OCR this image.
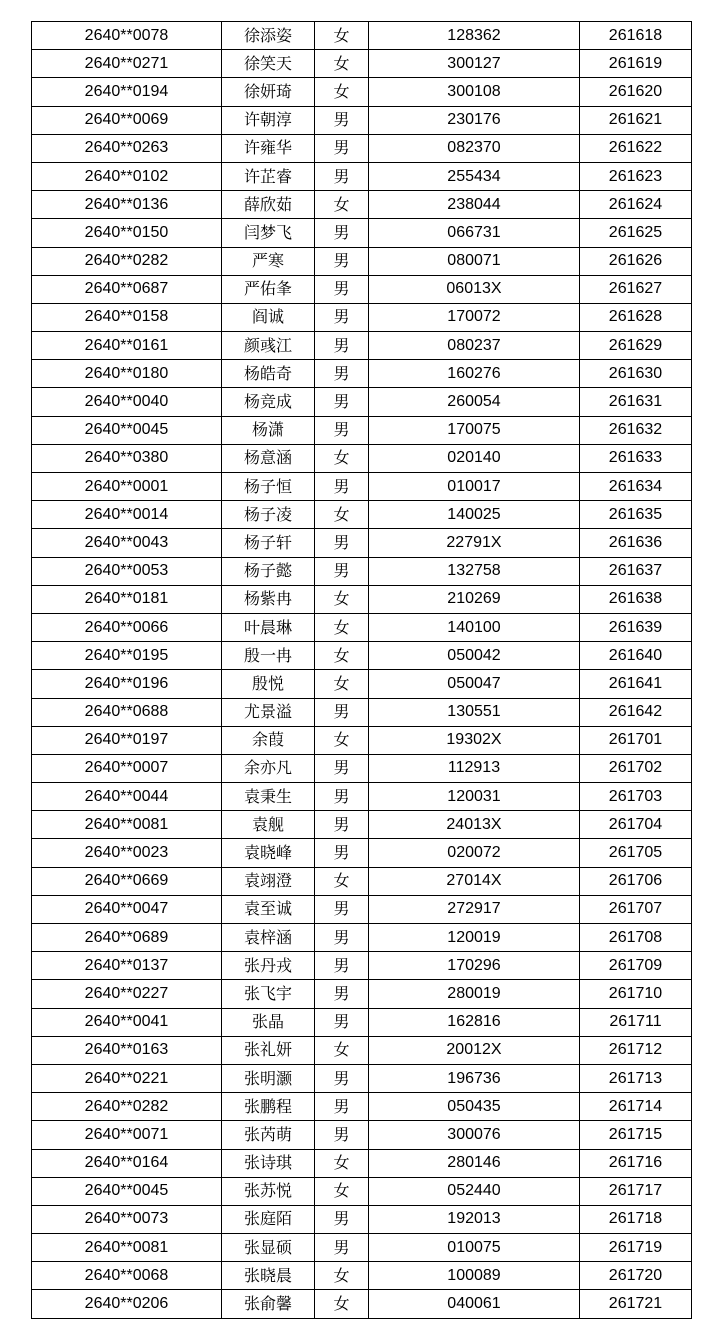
2640**0078	徐添姿	女	128362	261618
2640**0271	徐笑天	女	300127	261619
2640**0194	徐妍琦	女	300108	261620
2640**0069	许朝淳	男	230176	261621
2640**0263	许雍华	男	082370	261622
2640**0102	许芷睿	男	255434	261623
2640**0136	薛欣茹	女	238044	261624
2640**0150	闫梦飞	男	066731	261625
2640**0282	严寒	男	080071	261626
2640**0687	严佑夆	男	06013X	261627
2640**0158	阎诚	男	170072	261628
2640**0161	颜彧江	男	080237	261629
2640**0180	杨皓奇	男	160276	261630
2640**0040	杨竞成	男	260054	261631
2640**0045	杨潇	男	170075	261632
2640**0380	杨意涵	女	020140	261633
2640**0001	杨子恒	男	010017	261634
2640**0014	杨子凌	女	140025	261635
2640**0043	杨子轩	男	22791X	261636
2640**0053	杨子懿	男	132758	261637
2640**0181	杨紫冉	女	210269	261638
2640**0066	叶晨琳	女	140100	261639
2640**0195	殷一冉	女	050042	261640
2640**0196	殷悦	女	050047	261641
2640**0688	尤景溢	男	130551	261642
2640**0197	余葭	女	19302X	261701
2640**0007	余亦凡	男	112913	261702
2640**0044	袁秉生	男	120031	261703
2640**0081	袁舰	男	24013X	261704
2640**0023	袁晓峰	男	020072	261705
2640**0669	袁翊澄	女	27014X	261706
2640**0047	袁至诚	男	272917	261707
2640**0689	袁梓涵	男	120019	261708
2640**0137	张丹戎	男	170296	261709
2640**0227	张飞宇	男	280019	261710
2640**0041	张晶	男	162816	261711
2640**0163	张礼妍	女	20012X	261712
2640**0221	张明灏	男	196736	261713
2640**0282	张鹏程	男	050435	261714
2640**0071	张芮萌	男	300076	261715
2640**0164	张诗琪	女	280146	261716
2640**0045	张苏悦	女	052440	261717
2640**0073	张庭陌	男	192013	261718
2640**0081	张显硕	男	010075	261719
2640**0068	张晓晨	女	100089	261720
2640**0206	张俞馨	女	040061	261721
